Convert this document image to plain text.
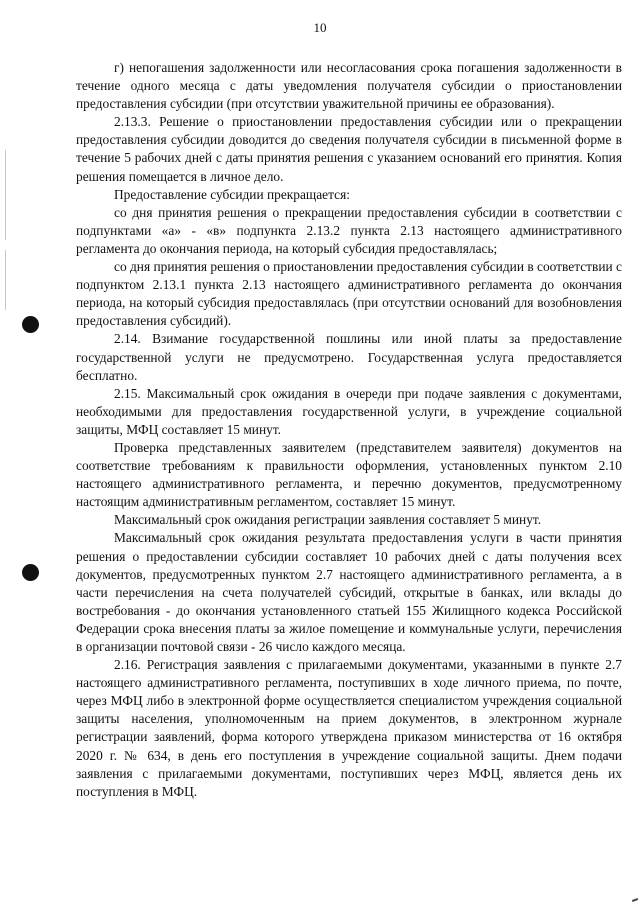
10

г) непогашения задолженности или несогласования срока погашения задолженности в течение одного месяца с даты уведомления получателя субсидии о приостановлении предоставления субсидии (при отсутствии уважительной причины ее образования).

2.13.3. Решение о приостановлении предоставления субсидии или о прекращении предоставления субсидии доводится до сведения получателя субсидии в письменной форме в течение 5 рабочих дней с даты принятия решения с указанием оснований его принятия. Копия решения помещается в личное дело.

Предоставление субсидии прекращается:

со дня принятия решения о прекращении предоставления субсидии в соответствии с подпунктами «а» - «в» подпункта 2.13.2 пункта 2.13 настоящего административного регламента до окончания периода, на который субсидия предоставлялась;

со дня принятия решения о приостановлении предоставления субсидии в соответствии с подпунктом 2.13.1 пункта 2.13 настоящего административного регламента до окончания периода, на который субсидия предоставлялась (при отсутствии оснований для возобновления предоставления субсидий).

2.14. Взимание государственной пошлины или иной платы за предоставление государственной услуги не предусмотрено. Государственная услуга предоставляется бесплатно.

2.15. Максимальный срок ожидания в очереди при подаче заявления с документами, необходимыми для предоставления государственной услуги, в учреждение социальной защиты, МФЦ составляет 15 минут.

Проверка представленных заявителем (представителем заявителя) документов на соответствие требованиям к правильности оформления, установленных пунктом 2.10 настоящего административного регламента, и перечню документов, предусмотренному настоящим административным регламентом, составляет 15 минут.

Максимальный срок ожидания регистрации заявления составляет 5 минут.

Максимальный срок ожидания результата предоставления услуги в части принятия решения о предоставлении субсидии составляет 10 рабочих дней с даты получения всех документов, предусмотренных пунктом 2.7 настоящего административного регламента, а в части перечисления на счета получателей субсидий, открытые в банках, или вклады до востребования - до окончания установленного статьей 155 Жилищного кодекса Российской Федерации срока внесения платы за жилое помещение и коммунальные услуги, перечисления в организации почтовой связи - 26 число каждого месяца.

2.16. Регистрация заявления с прилагаемыми документами, указанными в пункте 2.7 настоящего административного регламента, поступивших в ходе личного приема, по почте, через МФЦ либо в электронной форме осуществляется специалистом учреждения социальной защиты населения, уполномоченным на прием документов, в электронном журнале регистрации заявлений, форма которого утверждена приказом министерства от 16 октября 2020 г. № 634, в день его поступления в учреждение социальной защиты. Днем подачи заявления с прилагаемыми документами, поступивших через МФЦ, является день их поступления в МФЦ.
